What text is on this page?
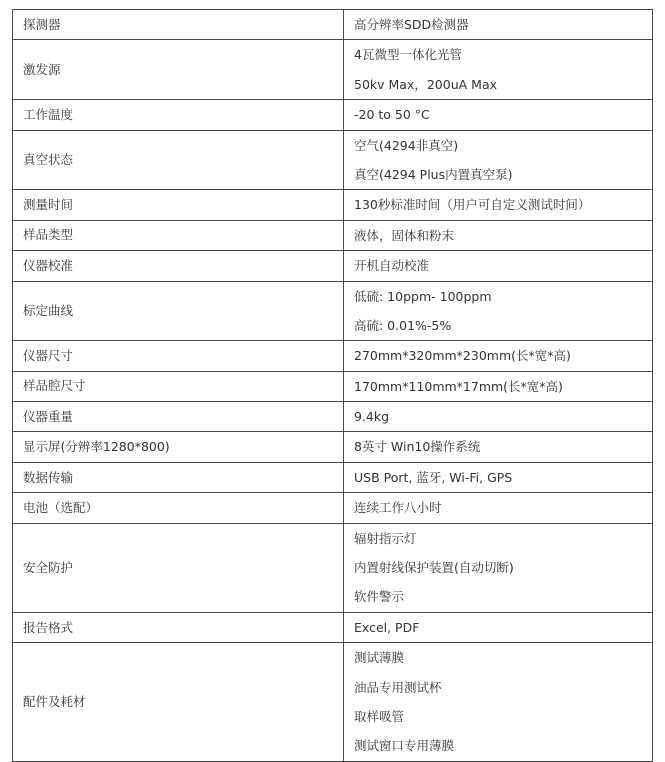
探测器	高分辨率SDD检测器

激发源	4瓦微型一体化光管
50kv Max，200uA Max

工作温度	-20 to 50 °C

真空状态	空气(4294非真空)
真空(4294 Plus内置真空泵)

测量时间	130秒标准时间（用户可自定义测试时间）

样品类型	液体，固体和粉末

仪器校准	开机自动校准

标定曲线	低硫: 10ppm- 100ppm
高硫: 0.01%-5%

仪器尺寸	270mm*320mm*230mm(长*宽*高)

样品腔尺寸	170mm*110mm*17mm(长*宽*高)

仪器重量	9.4kg

显示屏(分辨率1280*800)	8英寸 Win10操作系统

数据传输	USB Port, 蓝牙, Wi-Fi, GPS

电池（选配）	连续工作八小时

安全防护	辐射指示灯
内置射线保护装置(自动切断)
软件警示

报告格式	Excel, PDF

配件及耗材	测试薄膜
油品专用测试杯
取样吸管
测试窗口专用薄膜
